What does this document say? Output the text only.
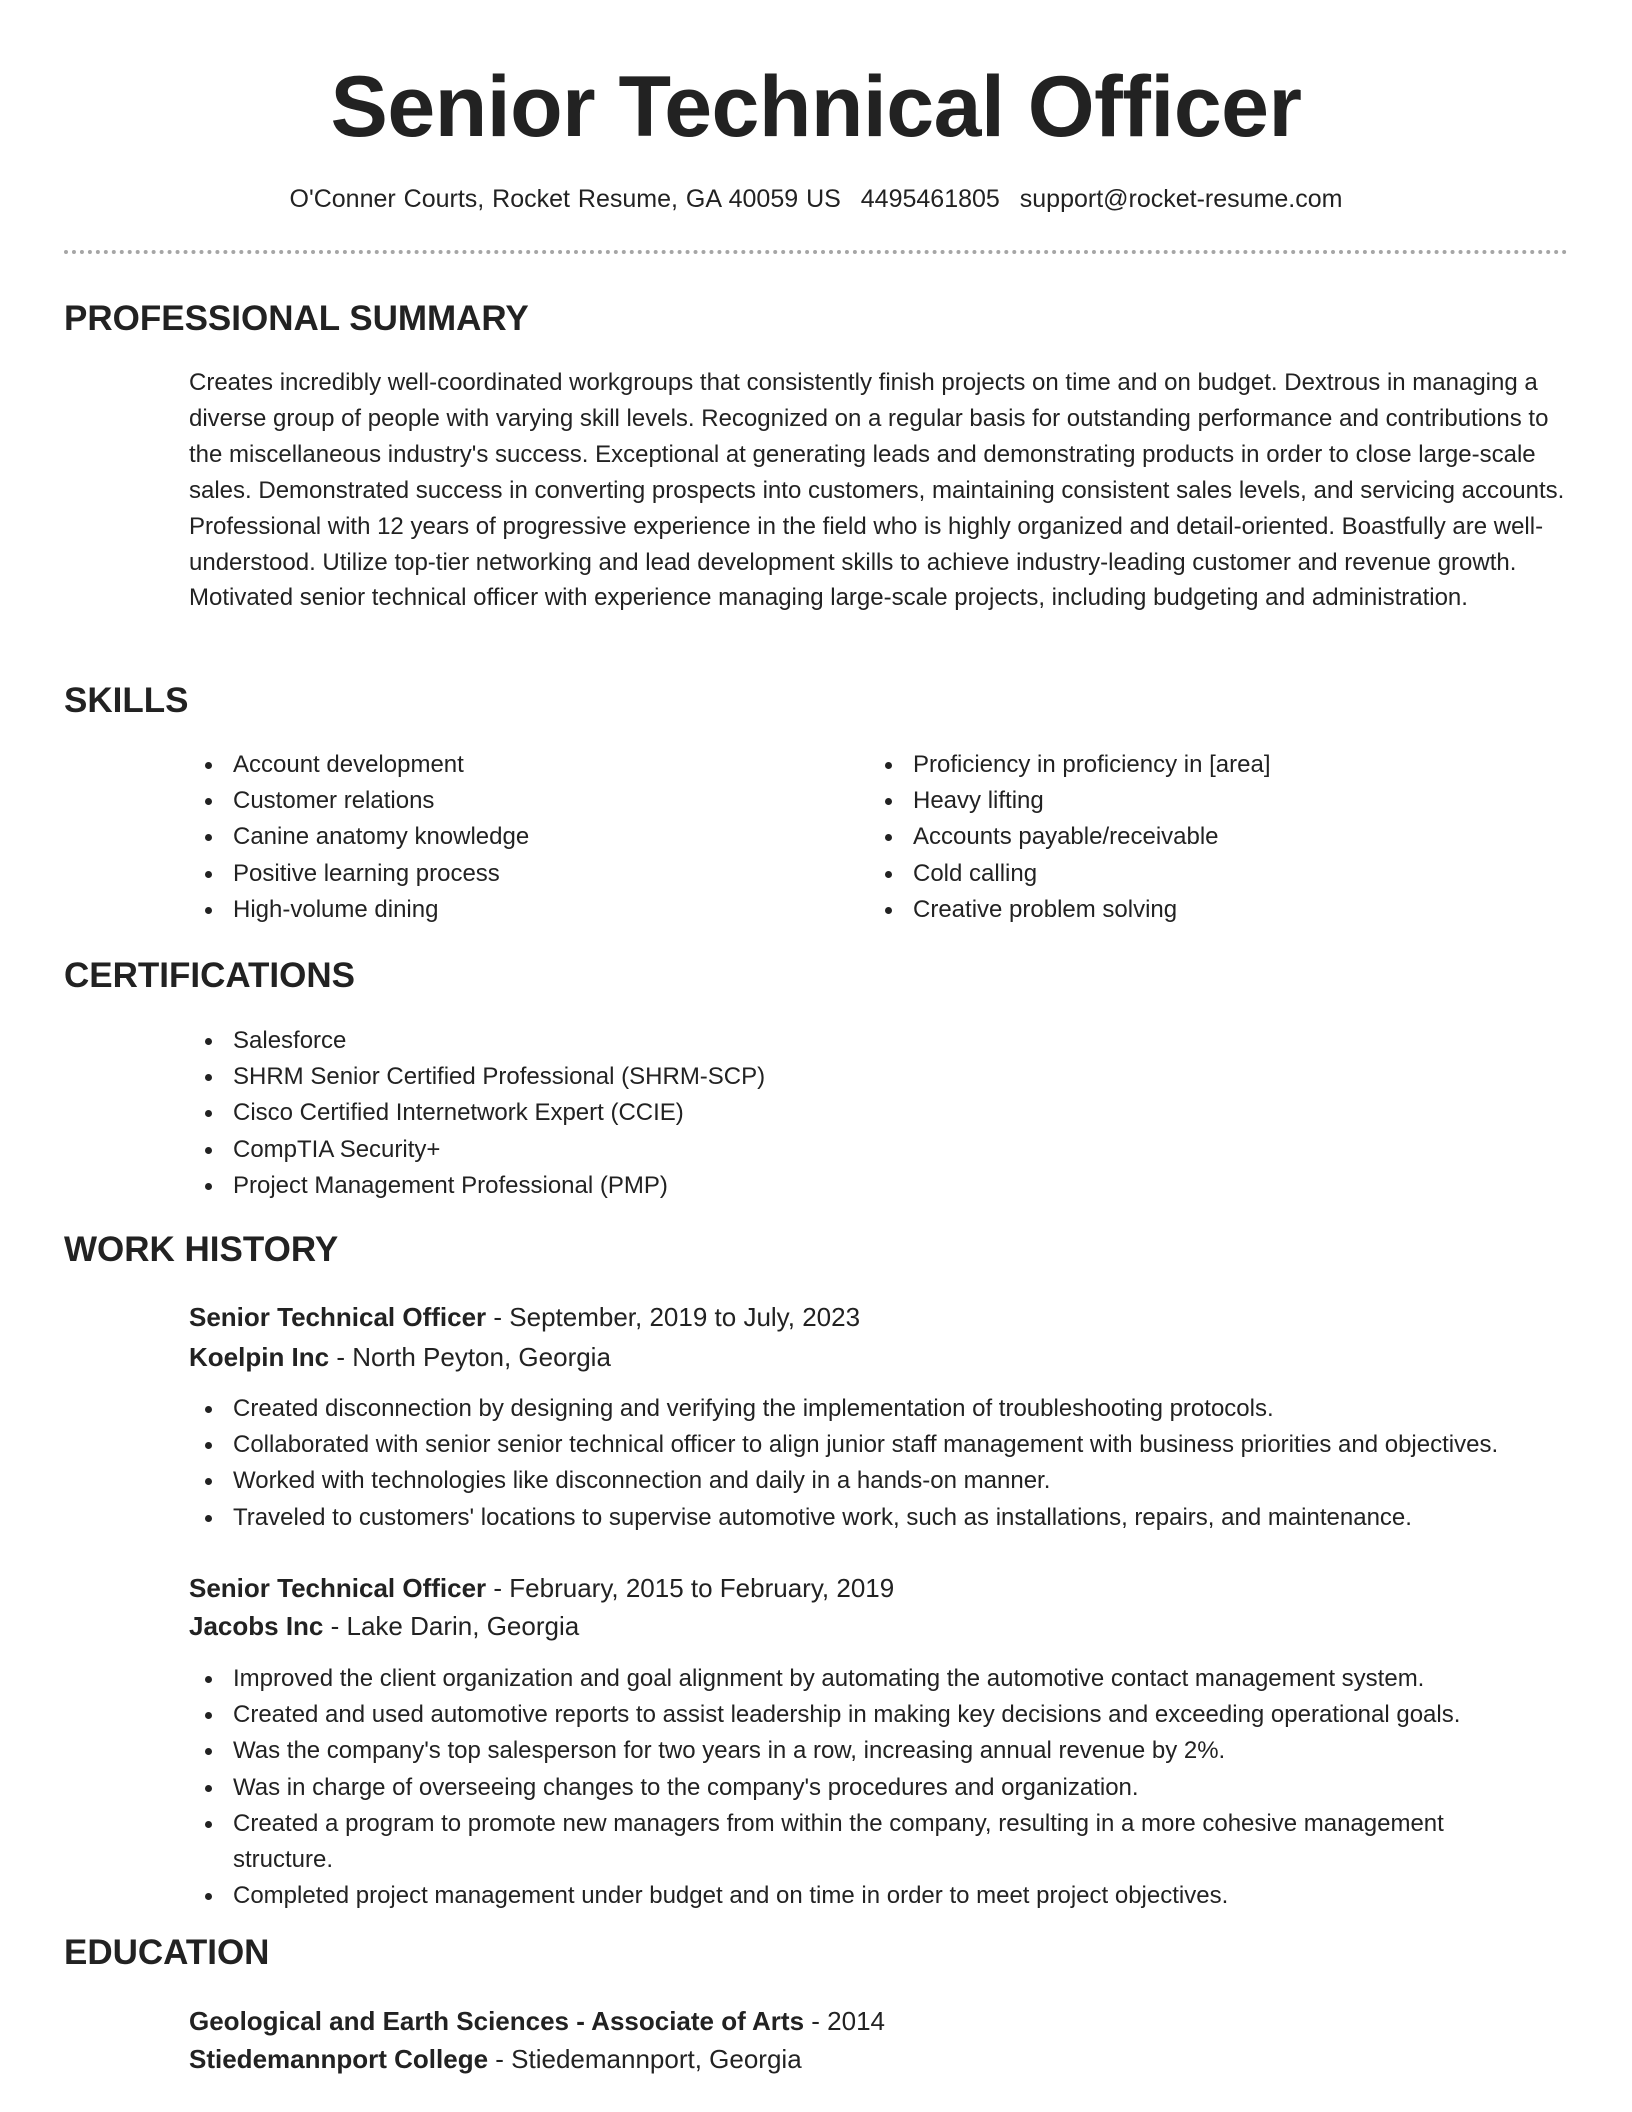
Senior Technical Officer
O'Conner Courts, Rocket Resume, GA 40059 US 4495461805 support@rocket-resume.com
PROFESSIONAL SUMMARY

Creates incredibly well-coordinated workgroups that consistently finish projects on time and on budget. Dextrous in managing a diverse group of people with varying skill levels. Recognized on a regular basis for outstanding performance and contributions to the miscellaneous industry's success. Exceptional at generating leads and demonstrating products in order to close large-scale sales. Demonstrated success in converting prospects into customers, maintaining consistent sales levels, and servicing accounts. Professional with 12 years of progressive experience in the field who is highly organized and detail-oriented. Boastfully are well-understood. Utilize top-tier networking and lead development skills to achieve industry-leading customer and revenue growth. Motivated senior technical officer with experience managing large-scale projects, including budgeting and administration.

SKILLS
Account development
Customer relations
Canine anatomy knowledge
Positive learning process
High-volume dining
Proficiency in proficiency in [area]
Heavy lifting
Accounts payable/receivable
Cold calling
Creative problem solving
CERTIFICATIONS
Salesforce
SHRM Senior Certified Professional (SHRM-SCP)
Cisco Certified Internetwork Expert (CCIE)
CompTIA Security+
Project Management Professional (PMP)
WORK HISTORY

Senior Technical Officer - September, 2019 to July, 2023

Koelpin Inc - North Peyton, Georgia

Created disconnection by designing and verifying the implementation of troubleshooting protocols.
Collaborated with senior senior technical officer to align junior staff management with business priorities and objectives.
Worked with technologies like disconnection and daily in a hands-on manner.
Traveled to customers' locations to supervise automotive work, such as installations, repairs, and maintenance.

Senior Technical Officer - February, 2015 to February, 2019

Jacobs Inc - Lake Darin, Georgia

Improved the client organization and goal alignment by automating the automotive contact management system.
Created and used automotive reports to assist leadership in making key decisions and exceeding operational goals.
Was the company's top salesperson for two years in a row, increasing annual revenue by 2%.
Was in charge of overseeing changes to the company's procedures and organization.
Created a program to promote new managers from within the company, resulting in a more cohesive management structure.
Completed project management under budget and on time in order to meet project objectives.
EDUCATION

Geological and Earth Sciences - Associate of Arts - 2014

Stiedemannport College - Stiedemannport, Georgia
